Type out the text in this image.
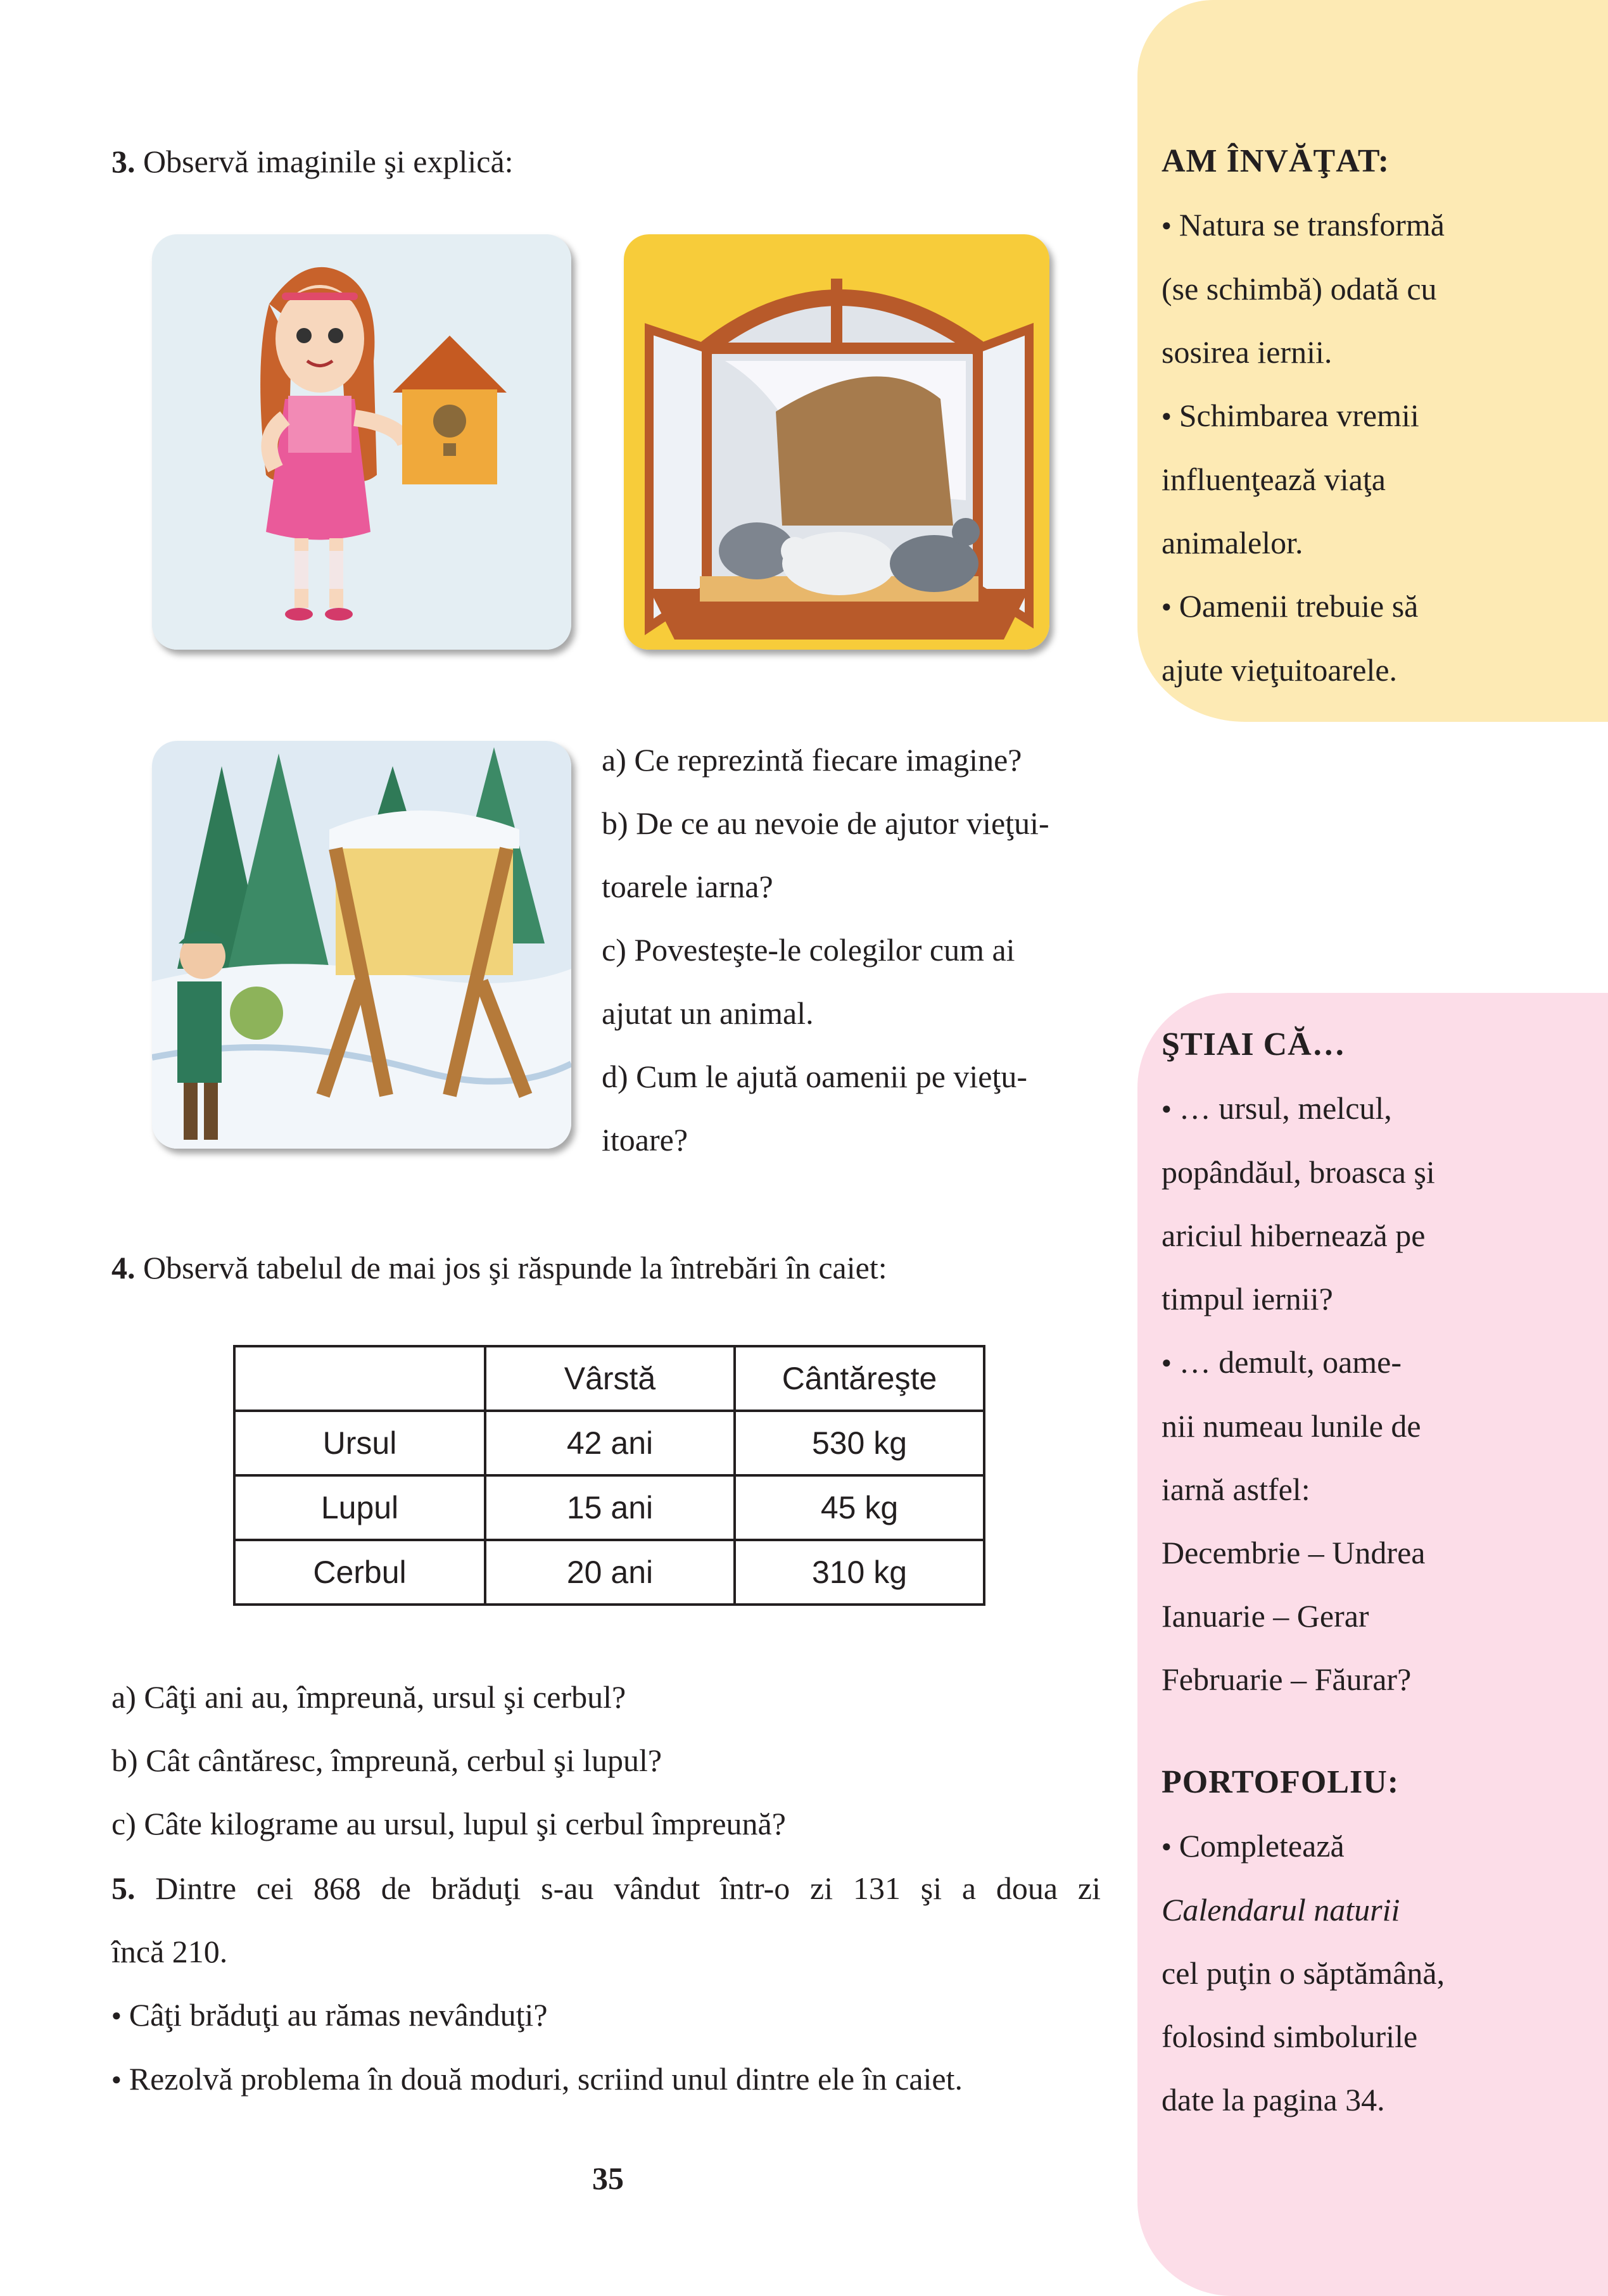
3. Observă imaginile şi explică:

a) Ce reprezintă fiecare imagine?

b) De ce au nevoie de ajutor vieţui-

toarele iarna?

c) Povesteşte-le colegilor cum ai

ajutat un animal.

d) Cum le ajută oamenii pe vieţu-

itoare?

4. Observă tabelul de mai jos şi răspunde la întrebări în caiet:
	Vârstă	Cântăreşte
Ursul	42 ani	530 kg
Lupul	15 ani	45 kg
Cerbul	20 ani	310 kg

a) Câţi ani au, împreună, ursul şi cerbul?

b) Cât cântăresc, împreună, cerbul şi lupul?

c) Câte kilograme au ursul, lupul şi cerbul împreună?

5. Dintre cei 868 de brăduţi s-au vândut într-o zi 131 şi a doua zi

încă 210.

● Câţi brăduţi au rămas nevânduţi?

● Rezolvă problema în două moduri, scriind unul dintre ele în caiet.

35

AM ÎNVĂŢAT:

● Natura se transformă

(se schimbă) odată cu

sosirea iernii.

● Schimbarea vremii

influenţează viaţa

animalelor.

● Oamenii trebuie să

ajute vieţuitoarele.

ŞTIAI CĂ…

● … ursul, melcul,

popândăul, broasca şi

ariciul hibernează pe

timpul iernii?

● … demult, oame-

nii numeau lunile de

iarnă astfel:

Decembrie – Undrea

Ianuarie – Gerar

Februarie – Făurar?

PORTOFOLIU:

● Completează

Calendarul naturii

cel puţin o săptămână,

folosind simbolurile

date la pagina 34.
